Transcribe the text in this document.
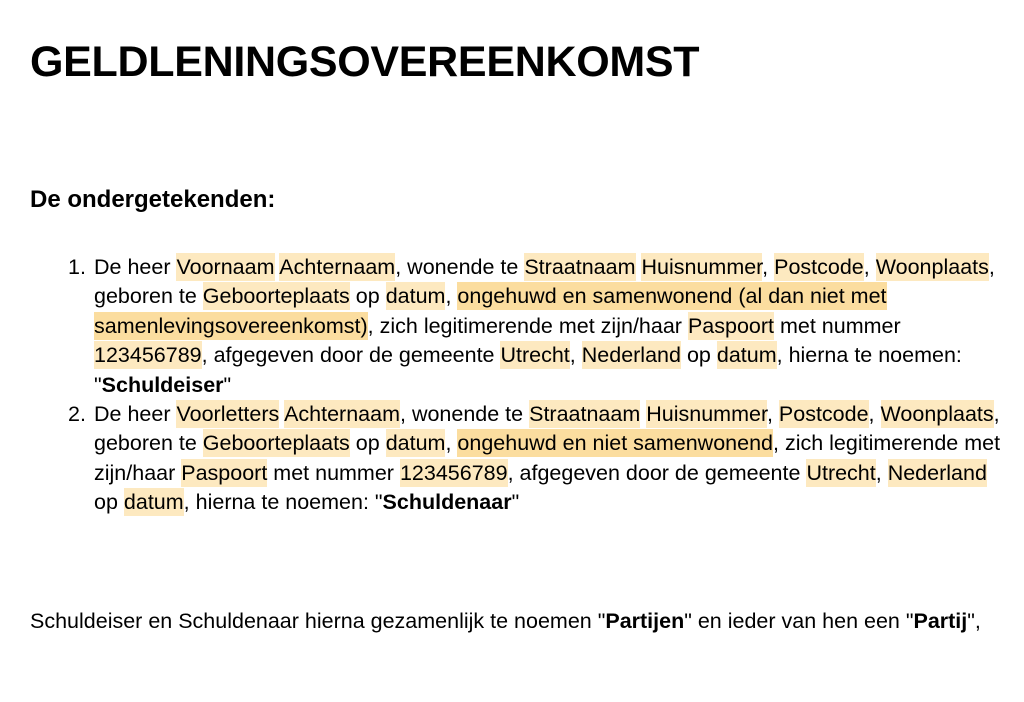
GELDLENINGSOVEREENKOMST
De ondergetekenden:
1. De heer Voornaam Achternaam, wonende te Straatnaam Huisnummer, Postcode, Woonplaats, geboren te Geboorteplaats op datum, ongehuwd en samenwonend (al dan niet met samenlevingsovereenkomst), zich legitimerende met zijn/haar Paspoort met nummer 123456789, afgegeven door de gemeente Utrecht, Nederland op datum, hierna te noemen: "Schuldeiser"
2. De heer Voorletters Achternaam, wonende te Straatnaam Huisnummer, Postcode, Woonplaats, geboren te Geboorteplaats op datum, ongehuwd en niet samenwonend, zich legitimerende met zijn/haar Paspoort met nummer 123456789, afgegeven door de gemeente Utrecht, Nederland op datum, hierna te noemen: "Schuldenaar"

Schuldeiser en Schuldenaar hierna gezamenlijk te noemen "Partijen" en ieder van hen een "Partij",
